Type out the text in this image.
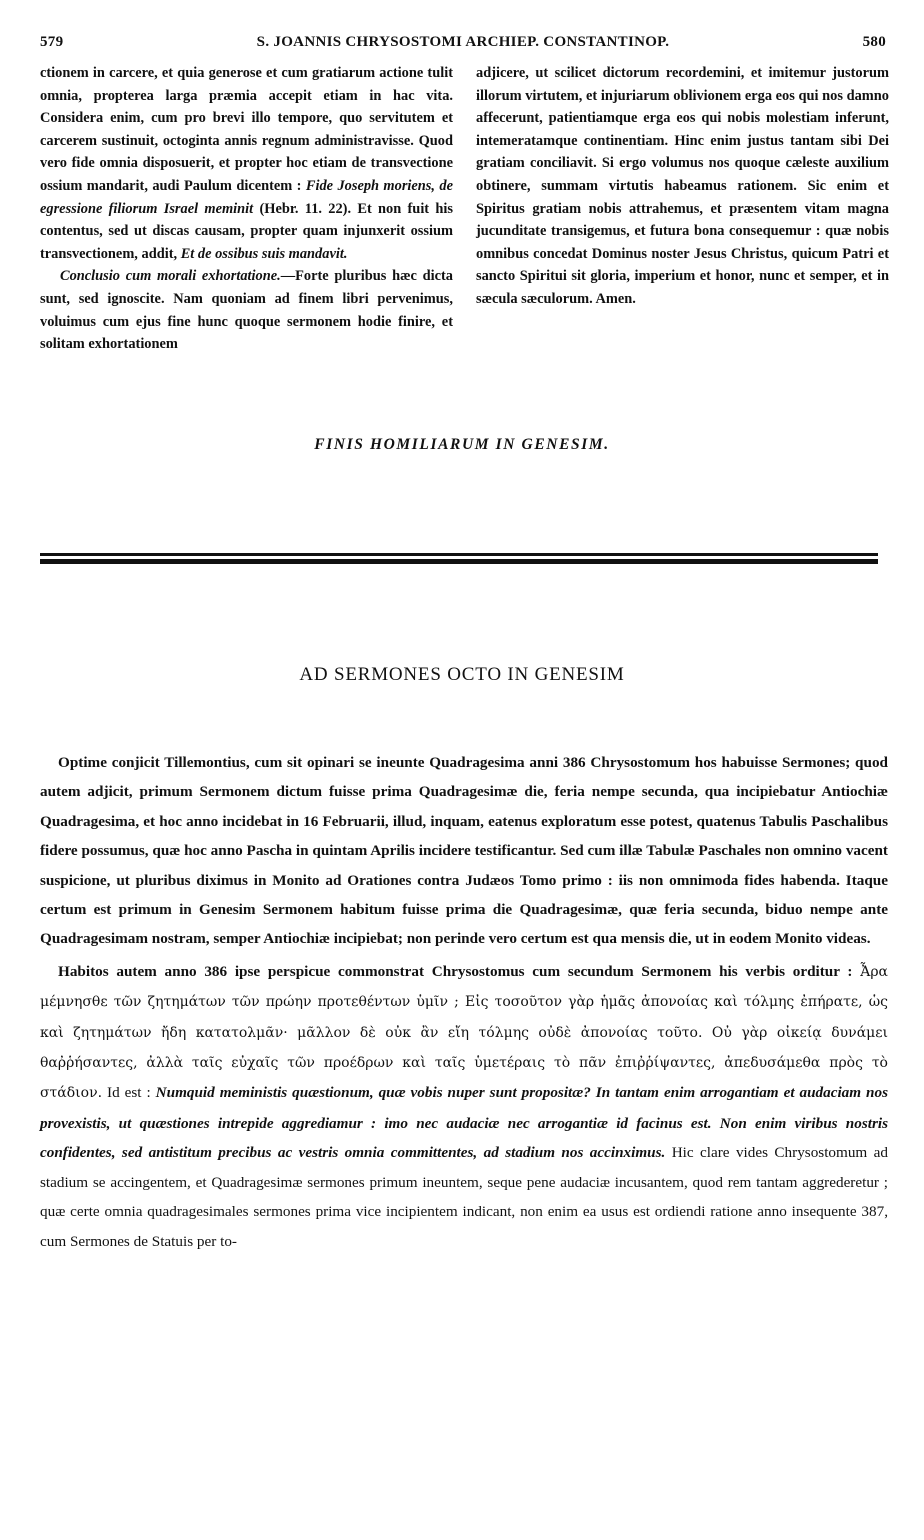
579	S. JOANNIS CHRYSOSTOMI ARCHIEP. CONSTANTINOP.	580

ctionem in carcere, et quia generose et cum gratiarum actione tulit omnia, propterea larga præmia accepit etiam in hac vita. Considera enim, cum pro brevi illo tempore, quo servitutem et carcerem sustinuit, octoginta annis regnum administravisse. Quod vero fide omnia disposuerit, et propter hoc etiam de transvectione ossium mandarit, audi Paulum dicentem : Fide Joseph moriens, de egressione filiorum Israel meminit (Hebr. 11. 22). Et non fuit his contentus, sed ut discas causam, propter quam injunxerit ossium transvectionem, addit, Et de ossibus suis mandavit.

Conclusio cum morali exhortatione.—Forte pluribus hæc dicta sunt, sed ignoscite. Nam quoniam ad finem libri pervenimus, voluimus cum ejus fine hunc quoque sermonem hodie finire, et solitam exhortationem

adjicere, ut scilicet dictorum recordemini, et imitemur justorum illorum virtutem, et injuriarum oblivionem erga eos qui nos damno affecerunt, patientiamque erga eos qui nobis molestiam inferunt, intemeratamque continentiam. Hinc enim justus tantam sibi Dei gratiam conciliavit. Si ergo volumus nos quoque cæleste auxilium obtinere, summam virtutis habeamus rationem. Sic enim et Spiritus gratiam nobis attrahemus, et præsentem vitam magna jucunditate transigemus, et futura bona consequemur : quæ nobis omnibus concedat Dominus noster Jesus Christus, quicum Patri et sancto Spiritui sit gloria, imperium et honor, nunc et semper, et in sæcula sæculorum. Amen.

FINIS HOMILIARUM IN GENESIM.
AD SERMONES OCTO IN GENESIM

Optime conjicit Tillemontius, cum sit opinari se ineunte Quadragesima anni 386 Chrysostomum hos habuisse Sermones; quod autem adjicit, primum Sermonem dictum fuisse prima Quadragesimæ die, feria nempe secunda, qua incipiebatur Antiochiæ Quadragesima, et hoc anno incidebat in 16 Februarii, illud, inquam, eatenus exploratum esse potest, quatenus Tabulis Paschalibus fidere possumus, quæ hoc anno Pascha in quintam Aprilis incidere testificantur. Sed cum illæ Tabulæ Paschales non omnino vacent suspicione, ut pluribus diximus in Monito ad Orationes contra Judæos Tomo primo : iis non omnimoda fides habenda. Itaque certum est primum in Genesim Sermonem habitum fuisse prima die Quadragesimæ, quæ feria secunda, biduo nempe ante Quadragesimam nostram, semper Antiochiæ incipiebat; non perinde vero certum est qua mensis die, ut in eodem Monito videas.

Habitos autem anno 386 ipse perspicue commonstrat Chrysostomus cum secundum Sermonem his verbis orditur : Ἆρα μέμνησθε τῶν ζητημάτων τῶν πρώην προτεθέντων ὑμῖν ; Εἰς τοσοῦτον γὰρ ἡμᾶς ἀπονοίας καὶ τόλμης ἐπήρατε, ὡς καὶ ζητημάτων ἤδη κατατολμᾶν· μᾶλλον δὲ οὐκ ἂν εἴη τόλμης οὐδὲ ἀπονοίας τοῦτο. Οὐ γὰρ οἰκείᾳ δυνάμει θαῤῥήσαντες, ἀλλὰ ταῖς εὐχαῖς τῶν προέδρων καὶ ταῖς ὑμετέραις τὸ πᾶν ἐπιῤῥίψαντες, ἀπεδυσάμεθα πρὸς τὸ στάδιον. Id est : Numquid meministis quæstionum, quæ vobis nuper sunt propositæ? In tantam enim arrogantiam et audaciam nos provexistis, ut quæstiones intrepide aggrediamur : imo nec audaciæ nec arrogantiæ id facinus est. Non enim viribus nostris confidentes, sed antistitum precibus ac vestris omnia committentes, ad stadium nos accinximus. Hic clare vides Chrysostomum ad stadium se accingentem, et Quadragesimæ sermones primum ineuntem, seque pene audaciæ incusantem, quod rem tantam aggrederetur ; quæ certe omnia quadragesimales sermones prima vice incipientem indicant, non enim ea usus est ordiendi ratione anno insequente 387, cum Sermones de Statuis per to-
